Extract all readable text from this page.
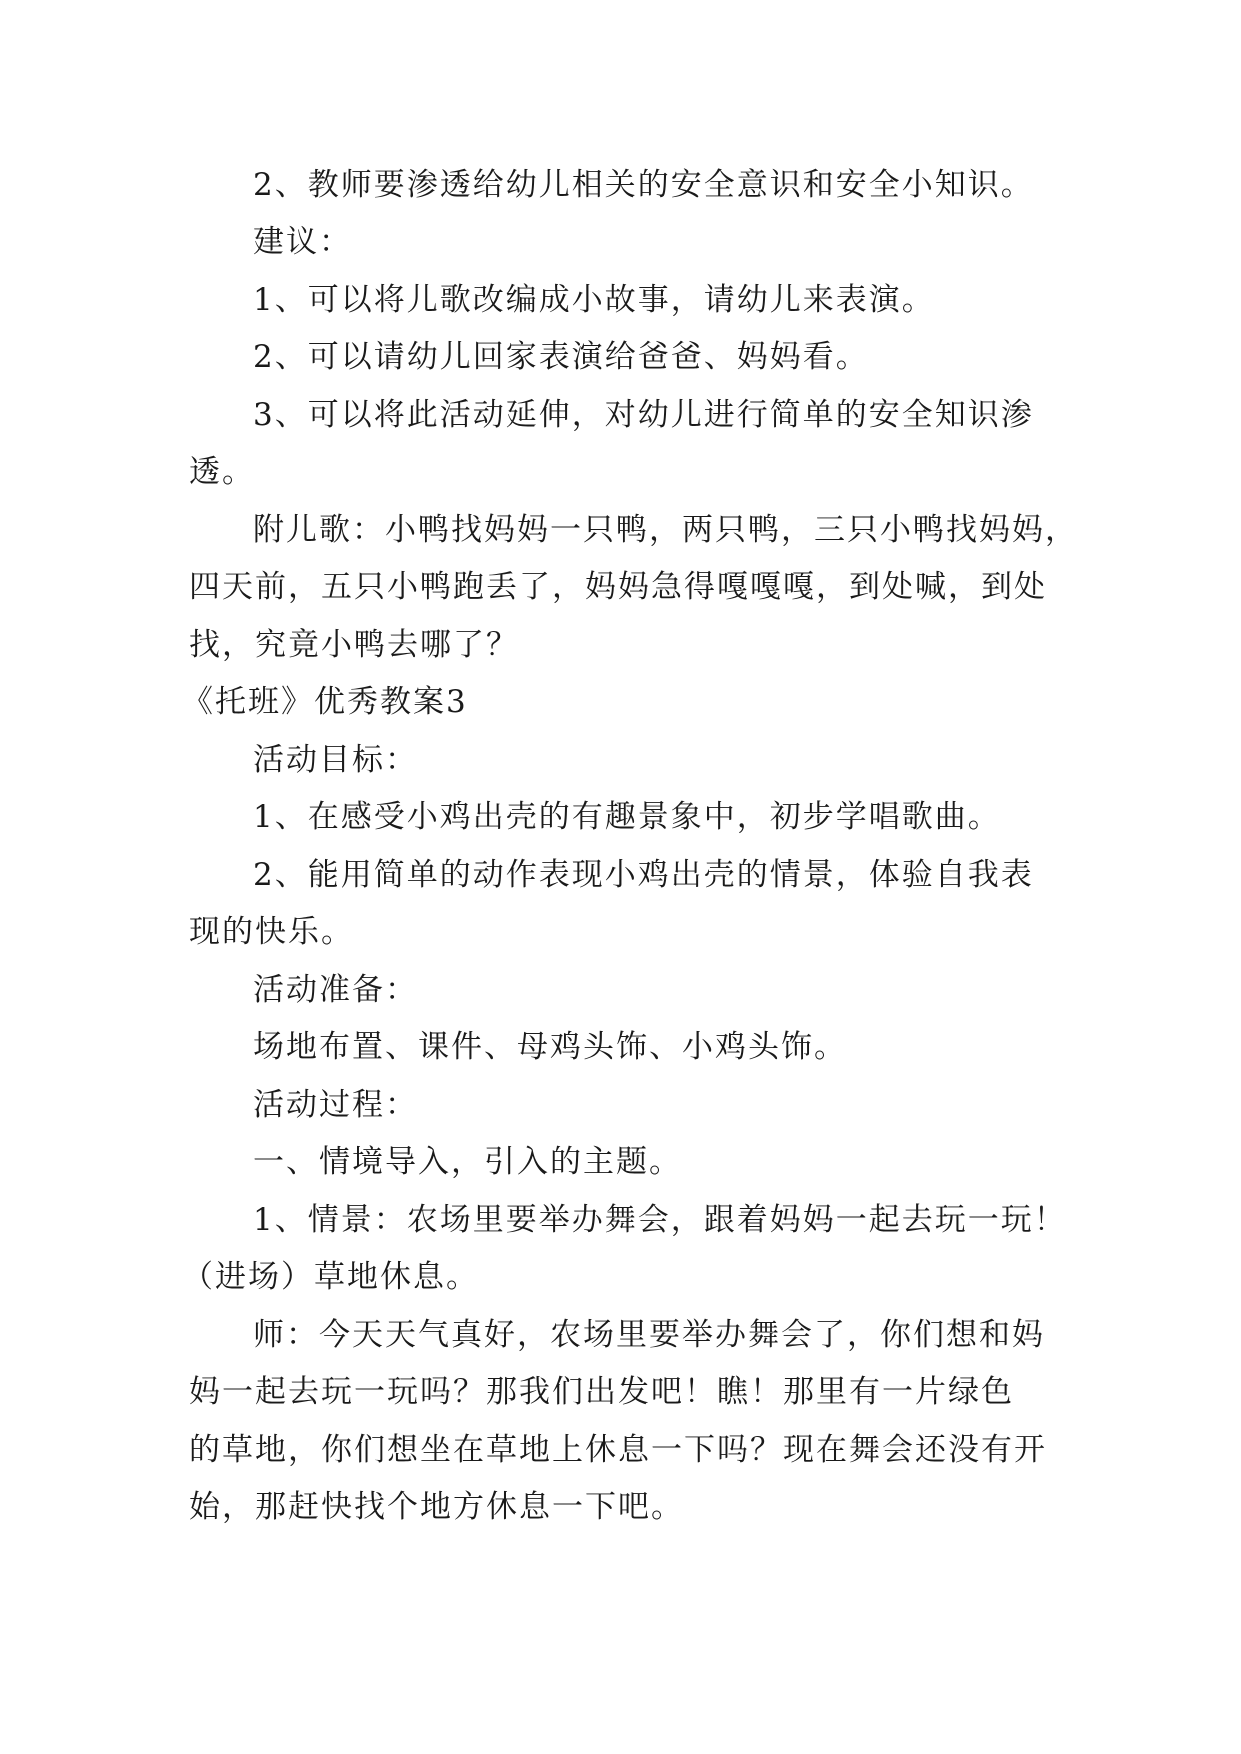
2、教师要渗透给幼儿相关的安全意识和安全小知识。
建议：
1、可以将儿歌改编成小故事，请幼儿来表演。
2、可以请幼儿回家表演给爸爸、妈妈看。
3、可以将此活动延伸，对幼儿进行简单的安全知识渗
透。
附儿歌：小鸭找妈妈一只鸭，两只鸭，三只小鸭找妈妈，
四天前，五只小鸭跑丢了，妈妈急得嘎嘎嘎，到处喊，到处
找，究竟小鸭去哪了？
《托班》优秀教案3
活动目标：
1、在感受小鸡出壳的有趣景象中，初步学唱歌曲。
2、能用简单的动作表现小鸡出壳的情景，体验自我表
现的快乐。
活动准备：
场地布置、课件、母鸡头饰、小鸡头饰。
活动过程：
一、情境导入，引入的主题。
1、情景：农场里要举办舞会，跟着妈妈一起去玩一玩！
（进场）草地休息。
师：今天天气真好，农场里要举办舞会了，你们想和妈
妈一起去玩一玩吗？那我们出发吧！瞧！那里有一片绿色
的草地，你们想坐在草地上休息一下吗？现在舞会还没有开
始，那赶快找个地方休息一下吧。
